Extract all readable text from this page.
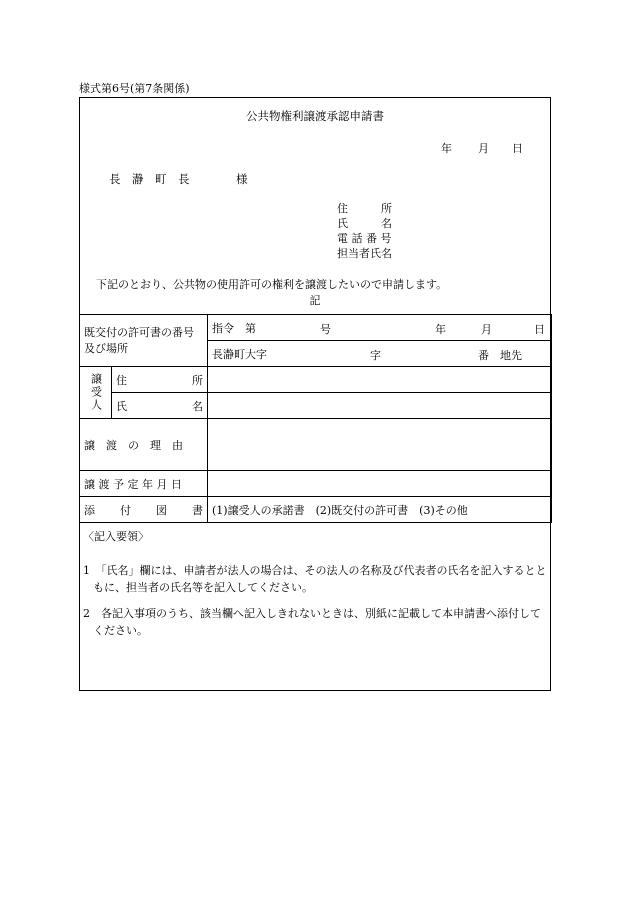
様式第6号(第7条関係)
公共物権利譲渡承認申請書
年 月 日
長　瀞　町　長	様
住　　　所
氏　　　名
電 話 番 号
担当者氏名
下記のとおり、公共物の使用許可の権利を譲渡したいので申請します。
記
既交付の許可書の番号及び場所		指令　第 号 年 月 日

		長瀞町大字 字 番　地先

譲受人	住 所	

	氏 名	

譲　渡　の　理　由		
譲 渡 予 定 年 月 日		

添 付 図 書		(1)譲受人の承諾書　(2)既交付の許可書　(3)その他

〈記入要領〉

1　「氏名」欄には、申請者が法人の場合は、その法人の名称及び代表者の氏名を記入するとともに、担当者の氏名等を記入してください。

2　各記入事項のうち、該当欄へ記入しきれないときは、別紙に記載して本申請書へ添付してください。
